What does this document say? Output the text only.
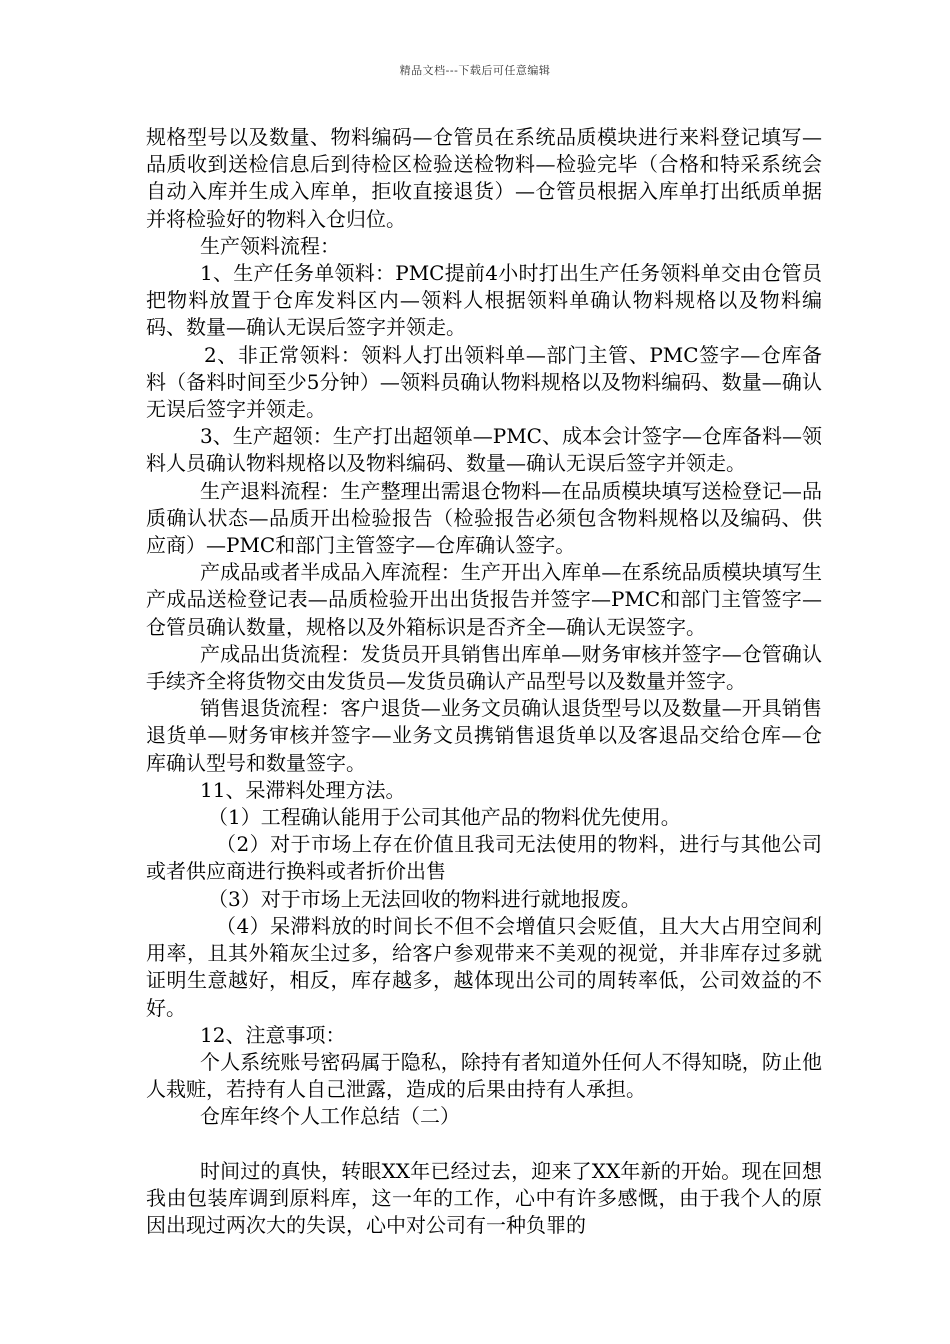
精品文档---下载后可任意编辑

规格型号以及数量、物料编码—仓管员在系统品质模块进行来料登记填写—品质收到送检信息后到待检区检验送检物料—检验完毕（合格和特采系统会自动入库并生成入库单，拒收直接退货）—仓管员根据入库单打出纸质单据并将检验好的物料入仓归位。

生产领料流程：

1、生产任务单领料：PMC提前4小时打出生产任务领料单交由仓管员把物料放置于仓库发料区内—领料人根据领料单确认物料规格以及物料编码、数量—确认无误后签字并领走。

2、非正常领料：领料人打出领料单—部门主管、PMC签字—仓库备料（备料时间至少5分钟）—领料员确认物料规格以及物料编码、数量—确认无误后签字并领走。

3、生产超领：生产打出超领单—PMC、成本会计签字—仓库备料—领料人员确认物料规格以及物料编码、数量—确认无误后签字并领走。

生产退料流程：生产整理出需退仓物料—在品质模块填写送检登记—品质确认状态—品质开出检验报告（检验报告必须包含物料规格以及编码、供应商）—PMC和部门主管签字—仓库确认签字。

产成品或者半成品入库流程：生产开出入库单—在系统品质模块填写生产成品送检登记表—品质检验开出出货报告并签字—PMC和部门主管签字—仓管员确认数量，规格以及外箱标识是否齐全—确认无误签字。

产成品出货流程：发货员开具销售出库单—财务审核并签字—仓管确认手续齐全将货物交由发货员—发货员确认产品型号以及数量并签字。

销售退货流程：客户退货—业务文员确认退货型号以及数量—开具销售退货单—财务审核并签字—业务文员携销售退货单以及客退品交给仓库—仓库确认型号和数量签字。

11、呆滞料处理方法。

（1）工程确认能用于公司其他产品的物料优先使用。

（2）对于市场上存在价值且我司无法使用的物料，进行与其他公司或者供应商进行换料或者折价出售

（3）对于市场上无法回收的物料进行就地报废。

（4）呆滞料放的时间长不但不会增值只会贬值，且大大占用空间利用率，且其外箱灰尘过多，给客户参观带来不美观的视觉，并非库存过多就证明生意越好，相反，库存越多，越体现出公司的周转率低，公司效益的不好。

12、注意事项：

个人系统账号密码属于隐私，除持有者知道外任何人不得知晓，防止他人栽赃，若持有人自己泄露，造成的后果由持有人承担。

仓库年终个人工作总结（二）

时间过的真快，转眼XX年已经过去，迎来了XX年新的开始。现在回想我由包装库调到原料库，这一年的工作，心中有许多感慨，由于我个人的原因出现过两次大的失误，心中对公司有一种负罪的
